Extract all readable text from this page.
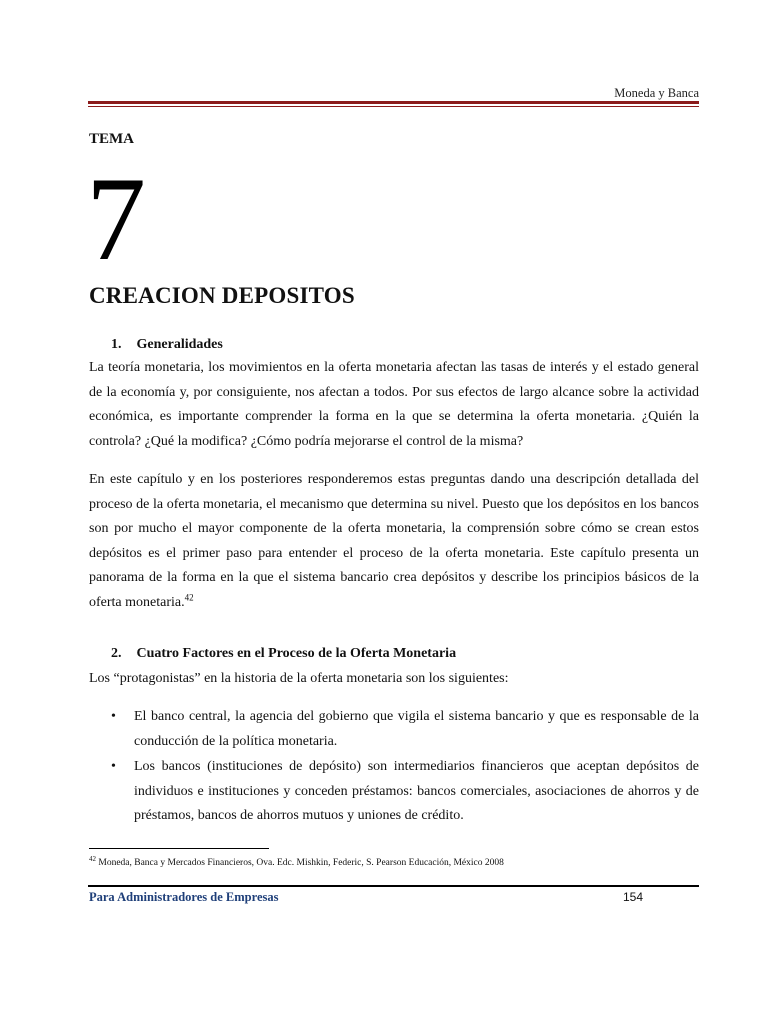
Moneda y Banca
TEMA
7
CREACION DEPOSITOS
1. Generalidades

La teoría monetaria, los movimientos en la oferta monetaria afectan las tasas de interés y el estado general de la economía y, por consiguiente, nos afectan a todos. Por sus efectos de largo alcance sobre la actividad económica, es importante comprender la forma en la que se determina la oferta monetaria. ¿Quién la controla? ¿Qué la modifica? ¿Cómo podría mejorarse el control de la misma?

En este capítulo y en los posteriores responderemos estas preguntas dando una descripción detallada del proceso de la oferta monetaria, el mecanismo que determina su nivel. Puesto que los depósitos en los bancos son por mucho el mayor componente de la oferta monetaria, la comprensión sobre cómo se crean estos depósitos es el primer paso para entender el proceso de la oferta monetaria. Este capítulo presenta un panorama de la forma en la que el sistema bancario crea depósitos y describe los principios básicos de la oferta monetaria.$^{42}$

2. Cuatro Factores en el Proceso de la Oferta Monetaria

Los “protagonistas” en la historia de la oferta monetaria son los siguientes:

• El banco central, la agencia del gobierno que vigila el sistema bancario y que es responsable de la conducción de la política monetaria.
• Los bancos (instituciones de depósito) son intermediarios financieros que aceptan depósitos de individuos e instituciones y conceden préstamos: bancos comerciales, asociaciones de ahorros y de préstamos, bancos de ahorros mutuos y uniones de crédito.
$^{42}$ Moneda, Banca y Mercados Financieros, Ova. Edc. Mishkin, Federic, S. Pearson Educación, México 2008
Para Administradores de Empresas	154
